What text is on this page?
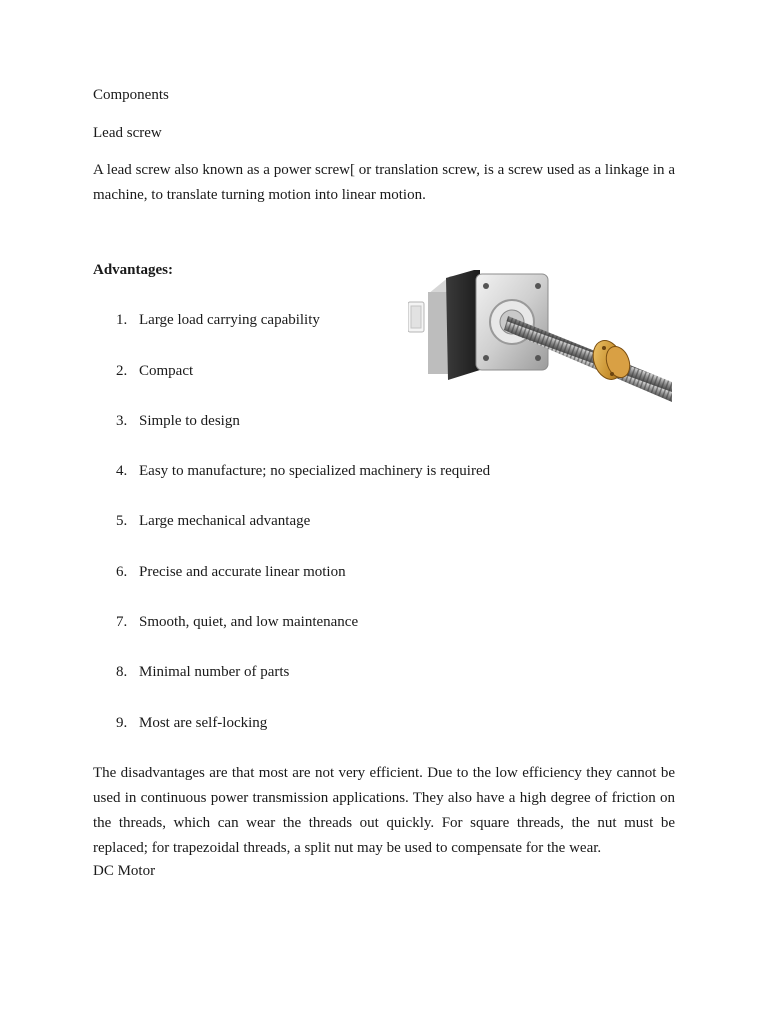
Components
Lead screw
A lead screw also known as a power screw[ or translation screw, is a screw used as a linkage in a machine, to translate turning motion into linear motion.
Advantages:
1. Large load carrying capability
2. Compact
3. Simple to design
4. Easy to manufacture; no specialized machinery is required
5. Large mechanical advantage
6. Precise and accurate linear motion
7. Smooth, quiet, and low maintenance
8. Minimal number of parts
9. Most are self-locking
The disadvantages are that most are not very efficient. Due to the low efficiency they cannot be used in continuous power transmission applications. They also have a high degree of friction on the threads, which can wear the threads out quickly. For square threads, the nut must be replaced; for trapezoidal threads, a split nut may be used to compensate for the wear.
DC Motor
